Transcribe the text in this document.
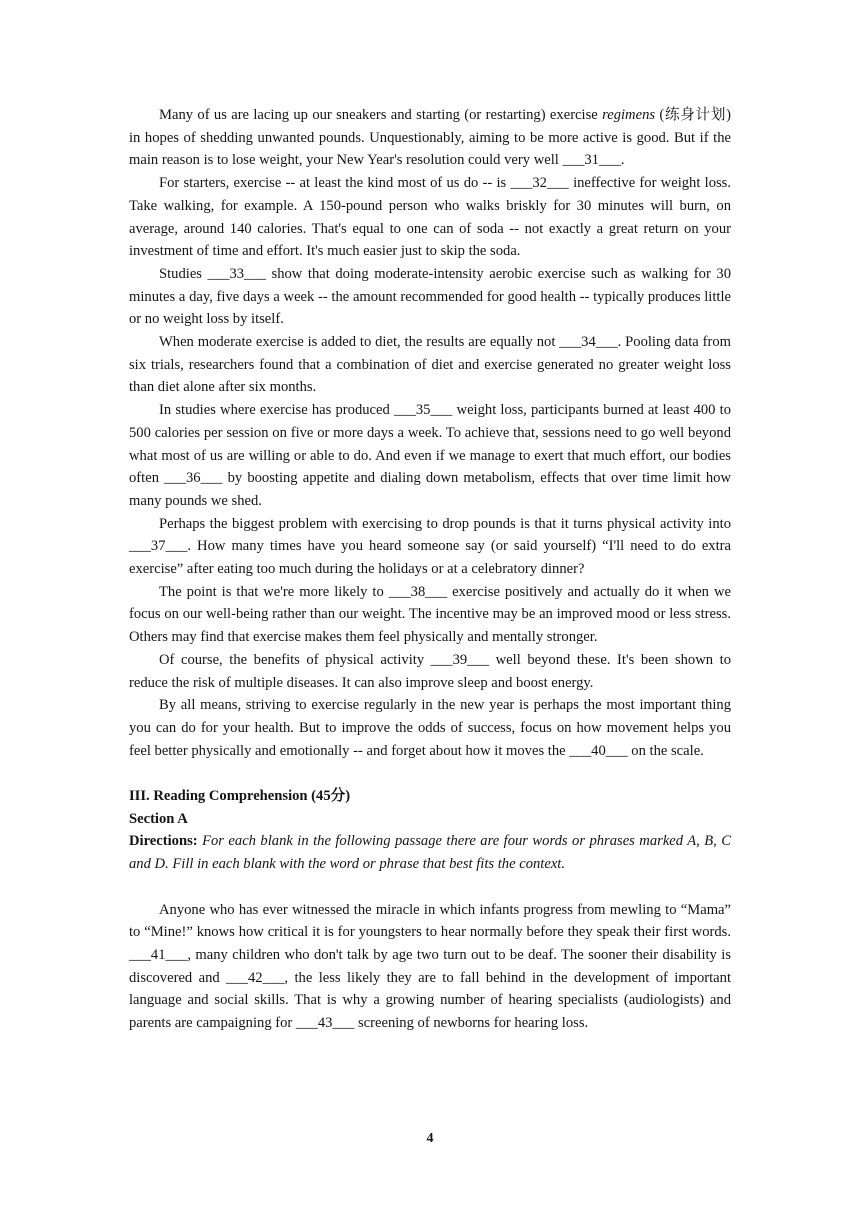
Many of us are lacing up our sneakers and starting (or restarting) exercise regimens (练身计划) in hopes of shedding unwanted pounds. Unquestionably, aiming to be more active is good. But if the main reason is to lose weight, your New Year's resolution could very well ___31___.

For starters, exercise -- at least the kind most of us do -- is ___32___ ineffective for weight loss. Take walking, for example. A 150-pound person who walks briskly for 30 minutes will burn, on average, around 140 calories. That's equal to one can of soda -- not exactly a great return on your investment of time and effort. It's much easier just to skip the soda.

Studies ___33___ show that doing moderate-intensity aerobic exercise such as walking for 30 minutes a day, five days a week -- the amount recommended for good health -- typically produces little or no weight loss by itself.

When moderate exercise is added to diet, the results are equally not ___34___. Pooling data from six trials, researchers found that a combination of diet and exercise generated no greater weight loss than diet alone after six months.

In studies where exercise has produced ___35___ weight loss, participants burned at least 400 to 500 calories per session on five or more days a week. To achieve that, sessions need to go well beyond what most of us are willing or able to do. And even if we manage to exert that much effort, our bodies often ___36___ by boosting appetite and dialing down metabolism, effects that over time limit how many pounds we shed.

Perhaps the biggest problem with exercising to drop pounds is that it turns physical activity into ___37___. How many times have you heard someone say (or said yourself) “I'll need to do extra exercise” after eating too much during the holidays or at a celebratory dinner?

The point is that we're more likely to ___38___ exercise positively and actually do it when we focus on our well-being rather than our weight. The incentive may be an improved mood or less stress. Others may find that exercise makes them feel physically and mentally stronger.

Of course, the benefits of physical activity ___39___ well beyond these. It's been shown to reduce the risk of multiple diseases. It can also improve sleep and boost energy.

By all means, striving to exercise regularly in the new year is perhaps the most important thing you can do for your health. But to improve the odds of success, focus on how movement helps you feel better physically and emotionally -- and forget about how it moves the ___40___ on the scale.

III. Reading Comprehension (45分)

Section A

Directions: For each blank in the following passage there are four words or phrases marked A, B, C and D. Fill in each blank with the word or phrase that best fits the context.

Anyone who has ever witnessed the miracle in which infants progress from mewling to “Mama” to “Mine!” knows how critical it is for youngsters to hear normally before they speak their first words. ___41___, many children who don't talk by age two turn out to be deaf. The sooner their disability is discovered and ___42___, the less likely they are to fall behind in the development of important language and social skills. That is why a growing number of hearing specialists (audiologists) and parents are campaigning for ___43___ screening of newborns for hearing loss.

4
